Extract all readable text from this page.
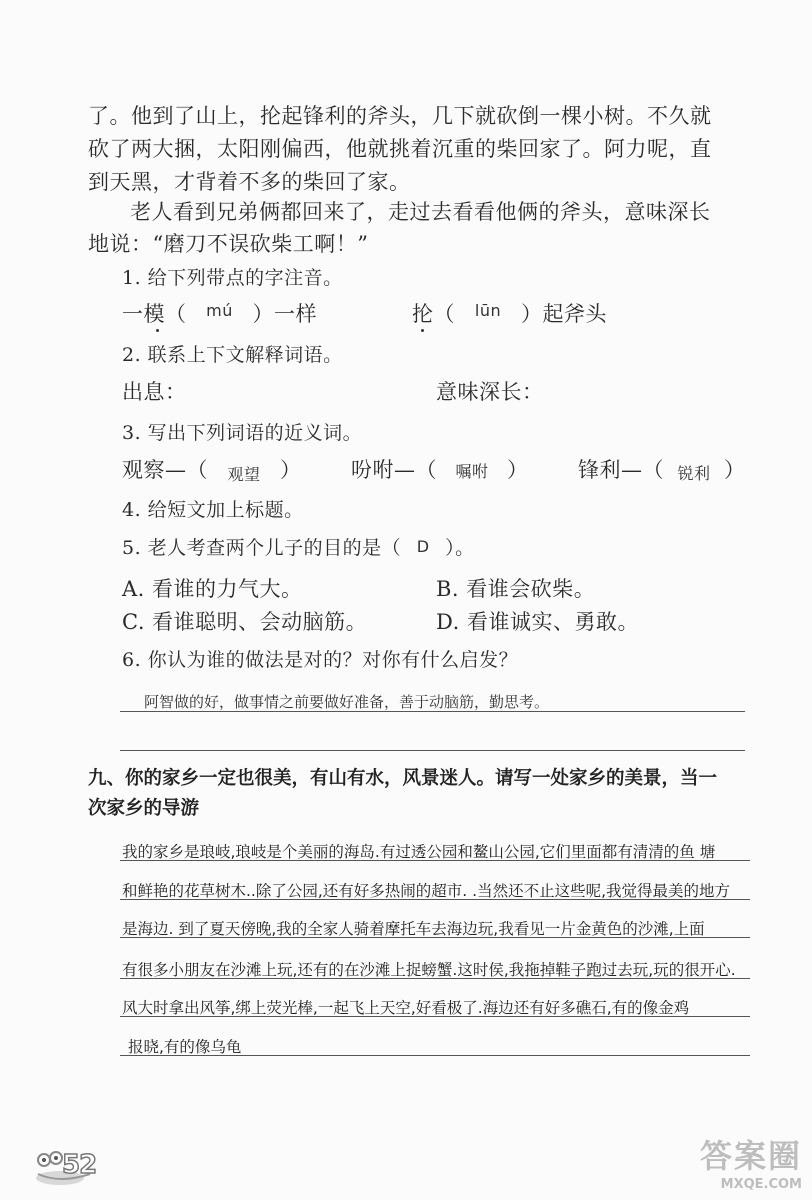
了。他到了山上，抡起锋利的斧头，几下就砍倒一棵小树。不久就
砍了两大捆，太阳刚偏西，他就挑着沉重的柴回家了。阿力呢，直
到天黑，才背着不多的柴回了家。
老人看到兄弟俩都回来了，走过去看看他俩的斧头，意味深长
地说：“磨刀不误砍柴工啊！”
1. 给下列带点的字注音。
一模（ mú ）一样	抡（ lūn ）起斧头
2. 联系上下文解释词语。
出息：	意味深长：
3. 写出下列词语的近义词。
观察—（ 观望 ） 吩咐—（ 嘱咐 ） 锋利—（ 锐利 ）
4. 给短文加上标题。
5. 老人考查两个儿子的目的是（ D ）。
A. 看谁的力气大。	B. 看谁会砍柴。
C. 看谁聪明、会动脑筋。	D. 看谁诚实、勇敢。
6. 你认为谁的做法是对的？对你有什么启发？
阿智做的好，做事情之前要做好准备，善于动脑筋，勤思考。
九、你的家乡一定也很美，有山有水，风景迷人。请写一处家乡的美景，当一
次家乡的导游
我的家乡是琅岐,琅岐是个美丽的海岛.有过透公园和鳌山公园,它们里面都有清清的鱼 塘
和鲜艳的花草树木..除了公园,还有好多热闹的超市. .当然还不止这些呢,我觉得最美的地方
是海边. 到了夏天傍晚,我的全家人骑着摩托车去海边玩,我看见一片金黄色的沙滩,上面
有很多小朋友在沙滩上玩,还有的在沙滩上捉螃蟹.这时侯,我拖掉鞋子跑过去玩,玩的很开心.
风大时拿出风筝,绑上荧光棒,一起飞上天空,好看极了.海边还有好多礁石,有的像金鸡
报晓,有的像乌龟
52	答案圈
MXQE.COM
